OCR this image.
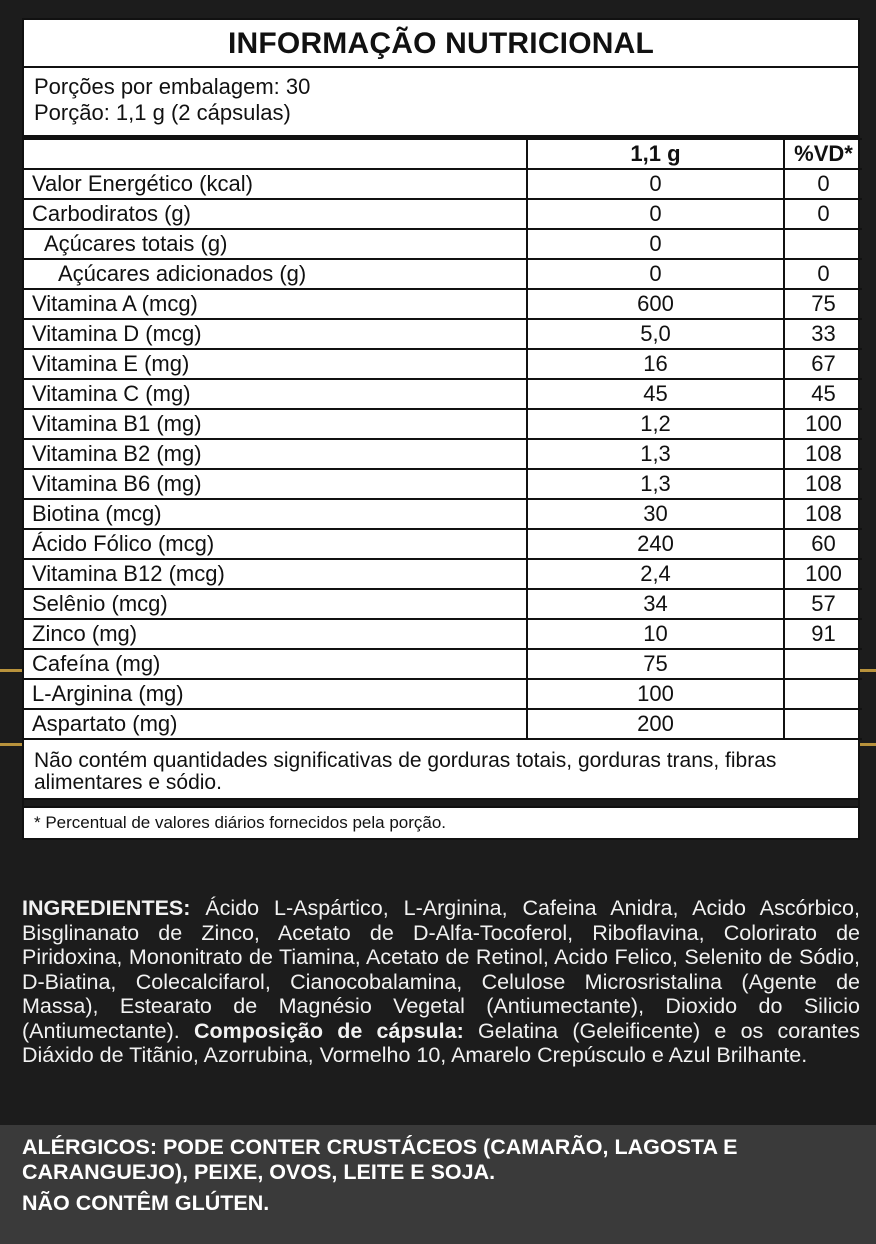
INFORMAÇÃO NUTRICIONAL
Porções por embalagem: 30
Porção: 1,1 g (2 cápsulas)
	1,1 g	%VD*
Valor Energético (kcal)	0	0
Carbodiratos (g)	0	0
Açúcares totais (g)	0	
Açúcares adicionados (g)	0	0
Vitamina A (mcg)	600	75
Vitamina D (mcg)	5,0	33
Vitamina E (mg)	16	67
Vitamina C (mg)	45	45
Vitamina B1 (mg)	1,2	100
Vitamina B2 (mg)	1,3	108
Vitamina B6 (mg)	1,3	108
Biotina (mcg)	30	108
Ácido Fólico (mcg)	240	60
Vitamina B12 (mcg)	2,4	100
Selênio (mcg)	34	57
Zinco (mg)	10	91
Cafeína (mg)	75	
L-Arginina (mg)	100	
Aspartato (mg)	200	
Não contém quantidades significativas de gorduras totais, gorduras trans, fibras alimentares e sódio.
* Percentual de valores diários fornecidos pela porção.
INGREDIENTES: Ácido L-Aspártico, L-Arginina, Cafeina Anidra, Acido Ascórbico, Bisglinanato de Zinco, Acetato de D-Alfa-Tocoferol, Riboflavina, Colorirato de Piridoxina, Mononitrato de Tiamina, Acetato de Retinol, Acido Felico, Selenito de Sódio, D-Biatina, Colecalcifarol, Cianocobalamina, Celulose Microsristalina (Agente de Massa), Estearato de Magnésio Vegetal (Antiumectante), Dioxido do Silicio (Antiumectante). Composição de cápsula: Gelatina (Geleificente) e os corantes Diáxido de Titãnio, Azorrubina, Vormelho 10, Amarelo Crepúsculo e Azul Brilhante.

ALÉRGICOS: PODE CONTER CRUSTÁCEOS (CAMARÃO, LAGOSTA E CARANGUEJO), PEIXE, OVOS, LEITE E SOJA.

NÃO CONTÊM GLÚTEN.
